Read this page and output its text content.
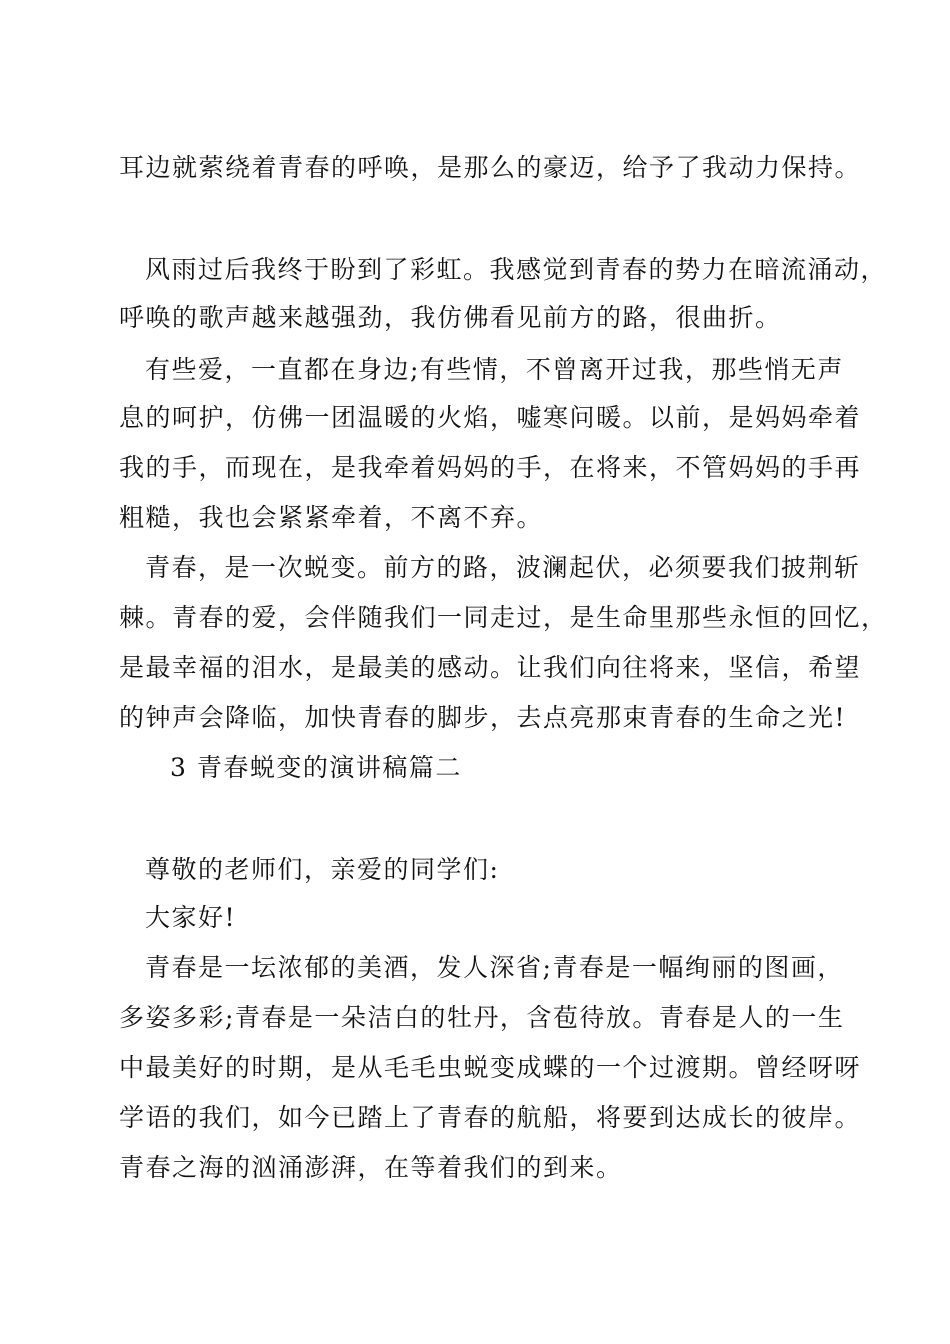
耳边就萦绕着青春的呼唤，是那么的豪迈，给予了我动力保持。
风雨过后我终于盼到了彩虹。我感觉到青春的势力在暗流涌动，
呼唤的歌声越来越强劲，我仿佛看见前方的路，很曲折。
有些爱，一直都在身边;有些情，不曾离开过我，那些悄无声
息的呵护，仿佛一团温暖的火焰，嘘寒问暖。以前，是妈妈牵着
我的手，而现在，是我牵着妈妈的手，在将来，不管妈妈的手再
粗糙，我也会紧紧牵着，不离不弃。
青春，是一次蜕变。前方的路，波澜起伏，必须要我们披荆斩
棘。青春的爱，会伴随我们一同走过，是生命里那些永恒的回忆，
是最幸福的泪水，是最美的感动。让我们向往将来，坚信，希望
的钟声会降临，加快青春的脚步，去点亮那束青春的生命之光!
3 青春蜕变的演讲稿篇二
尊敬的老师们，亲爱的同学们:
大家好!
青春是一坛浓郁的美酒，发人深省;青春是一幅绚丽的图画，
多姿多彩;青春是一朵洁白的牡丹，含苞待放。青春是人的一生
中最美好的时期，是从毛毛虫蜕变成蝶的一个过渡期。曾经呀呀
学语的我们，如今已踏上了青春的航船，将要到达成长的彼岸。
青春之海的汹涌澎湃，在等着我们的到来。
